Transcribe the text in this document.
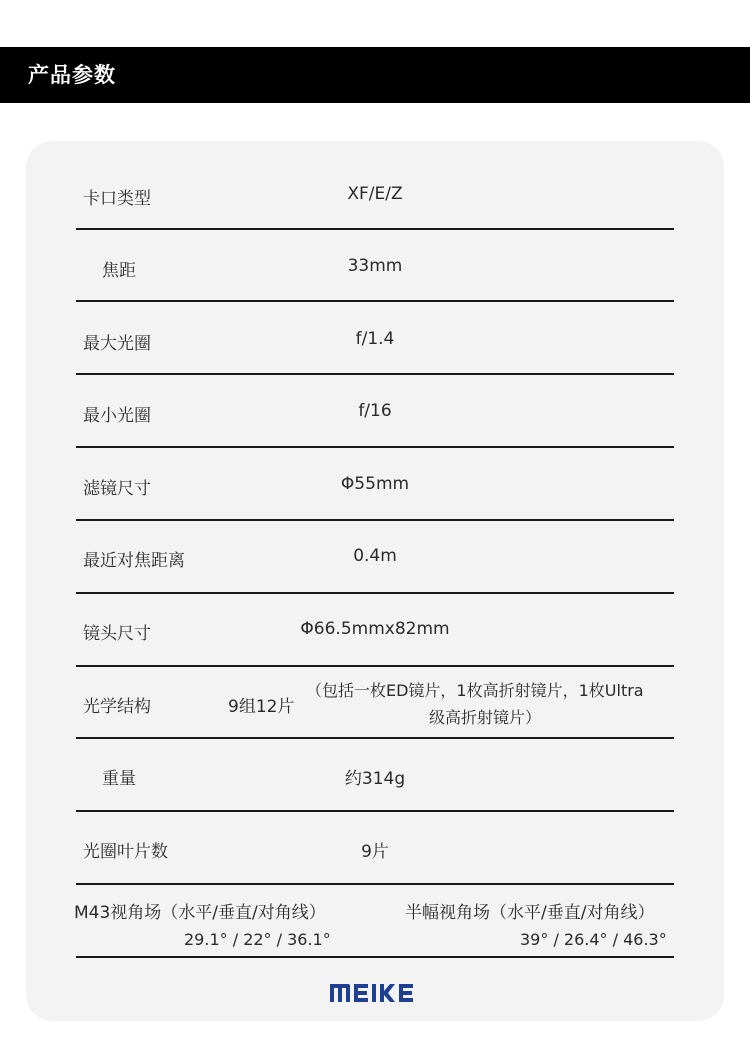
产品参数
卡口类型	XF/E/Z
焦距	33mm
最大光圈	f/1.4
最小光圈	f/16
滤镜尺寸	Φ55mm
最近对焦距离	0.4m
镜头尺寸	Φ66.5mmx82mm
光学结构	9组12片
（包括一枚ED镜片，1枚高折射镜片，1枚Ultra
级高折射镜片）
重量	约314g
光圈叶片数	9片
M43视角场（水平/垂直/对角线）
29.1° / 22° / 36.1°
半幅视角场（水平/垂直/对角线）
39° / 26.4° / 46.3°
